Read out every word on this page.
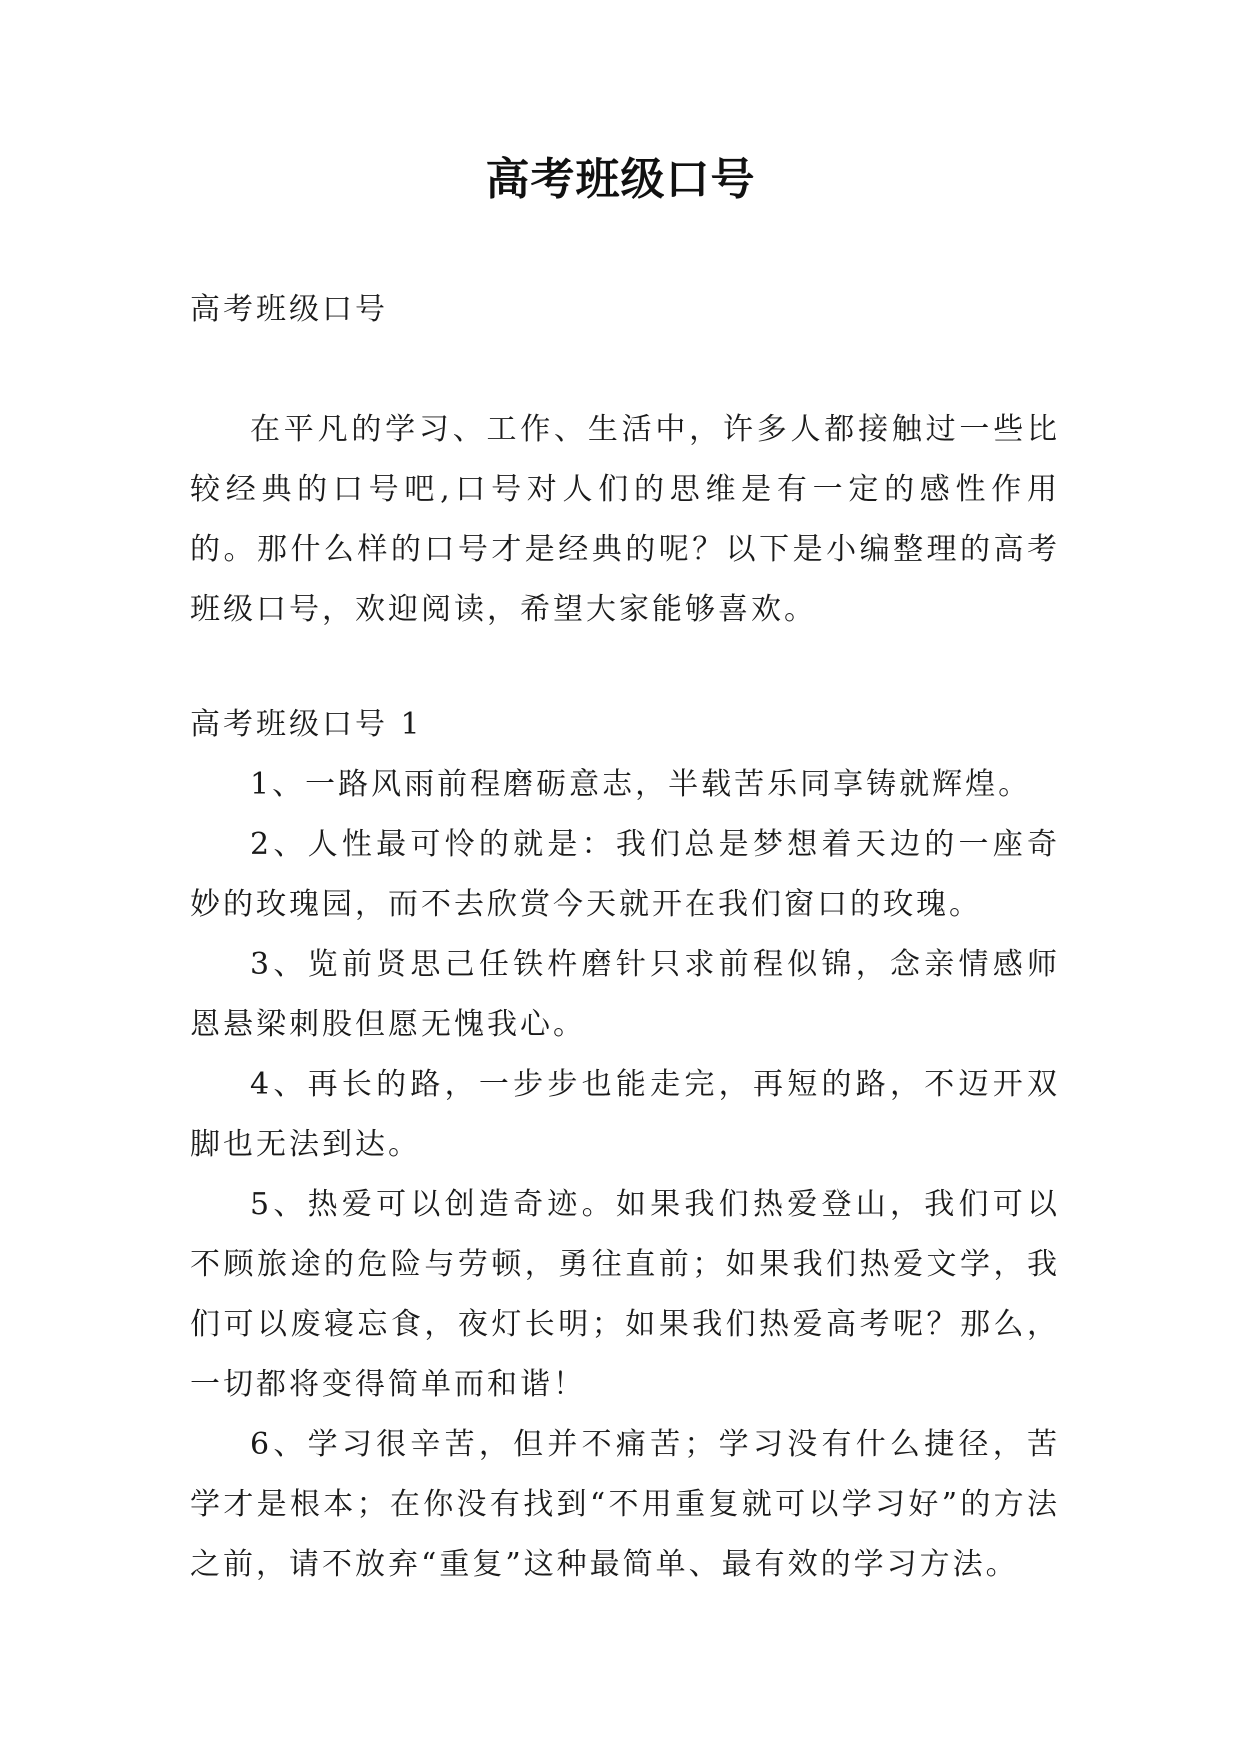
高考班级口号

高考班级口号

在平凡的学习、工作、生活中，许多人都接触过一些比较经典的口号吧,口号对人们的思维是有一定的感性作用的。那什么样的口号才是经典的呢？以下是小编整理的高考班级口号，欢迎阅读，希望大家能够喜欢。

高考班级口号 1

1、一路风雨前程磨砺意志，半载苦乐同享铸就辉煌。
2、人性最可怜的就是：我们总是梦想着天边的一座奇妙的玫瑰园，而不去欣赏今天就开在我们窗口的玫瑰。
3、览前贤思己任铁杵磨针只求前程似锦，念亲情感师恩悬梁刺股但愿无愧我心。
4、再长的路，一步步也能走完，再短的路，不迈开双脚也无法到达。
5、热爱可以创造奇迹。如果我们热爱登山，我们可以不顾旅途的危险与劳顿，勇往直前；如果我们热爱文学，我们可以废寝忘食，夜灯长明；如果我们热爱高考呢？那么，一切都将变得简单而和谐！
6、学习很辛苦，但并不痛苦；学习没有什么捷径，苦学才是根本；在你没有找到“不用重复就可以学习好”的方法之前，请不放弃“重复”这种最简单、最有效的学习方法。
